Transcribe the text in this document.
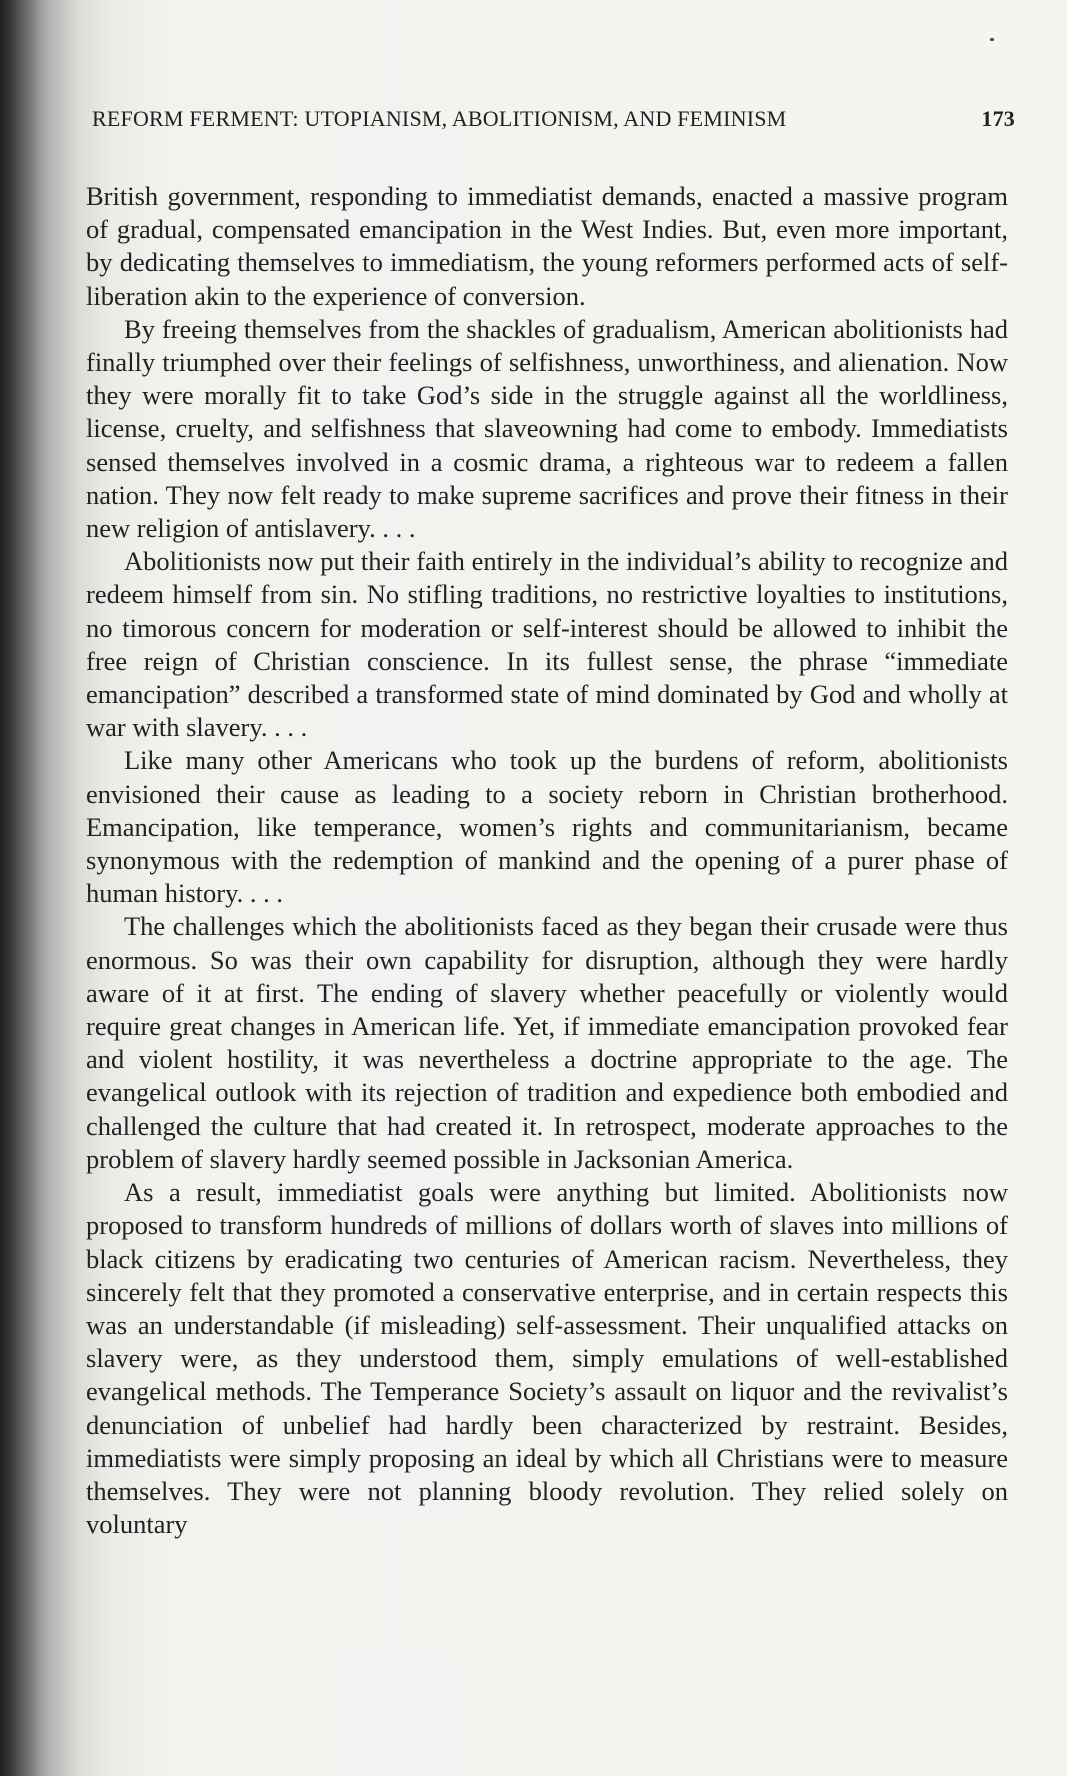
REFORM FERMENT: UTOPIANISM, ABOLITIONISM, AND FEMINISM	173

British government, responding to immediatist demands, enacted a massive program of gradual, compensated emancipation in the West Indies. But, even more important, by dedicating themselves to immediatism, the young reformers performed acts of self-liberation akin to the experience of conversion.

By freeing themselves from the shackles of gradualism, American abolitionists had finally triumphed over their feelings of selfishness, unworthiness, and alienation. Now they were morally fit to take God’s side in the struggle against all the worldliness, license, cruelty, and selfishness that slaveowning had come to embody. Immediatists sensed themselves involved in a cosmic drama, a righteous war to redeem a fallen nation. They now felt ready to make supreme sacrifices and prove their fitness in their new religion of antislavery. . . .

Abolitionists now put their faith entirely in the individual’s ability to recognize and redeem himself from sin. No stifling traditions, no restrictive loyalties to institutions, no timorous concern for moderation or self-interest should be allowed to inhibit the free reign of Christian conscience. In its fullest sense, the phrase “immediate emancipation” described a transformed state of mind dominated by God and wholly at war with slavery. . . .

Like many other Americans who took up the burdens of reform, abolitionists envisioned their cause as leading to a society reborn in Christian brotherhood. Emancipation, like temperance, women’s rights and communitarianism, became synonymous with the redemption of mankind and the opening of a purer phase of human history. . . .

The challenges which the abolitionists faced as they began their crusade were thus enormous. So was their own capability for disruption, although they were hardly aware of it at first. The ending of slavery whether peacefully or violently would require great changes in American life. Yet, if immediate emancipation provoked fear and violent hostility, it was nevertheless a doctrine appropriate to the age. The evangelical outlook with its rejection of tradition and expedience both embodied and challenged the culture that had created it. In retrospect, moderate approaches to the problem of slavery hardly seemed possible in Jacksonian America.

As a result, immediatist goals were anything but limited. Abolitionists now proposed to transform hundreds of millions of dollars worth of slaves into millions of black citizens by eradicating two centuries of American racism. Nevertheless, they sincerely felt that they promoted a conservative enterprise, and in certain respects this was an understandable (if misleading) self-assessment. Their unqualified attacks on slavery were, as they understood them, simply emulations of well-established evangelical methods. The Temperance Society’s assault on liquor and the revivalist’s denunciation of unbelief had hardly been characterized by restraint. Besides, immediatists were simply proposing an ideal by which all Christians were to measure themselves. They were not planning bloody revolution. They relied solely on voluntary
